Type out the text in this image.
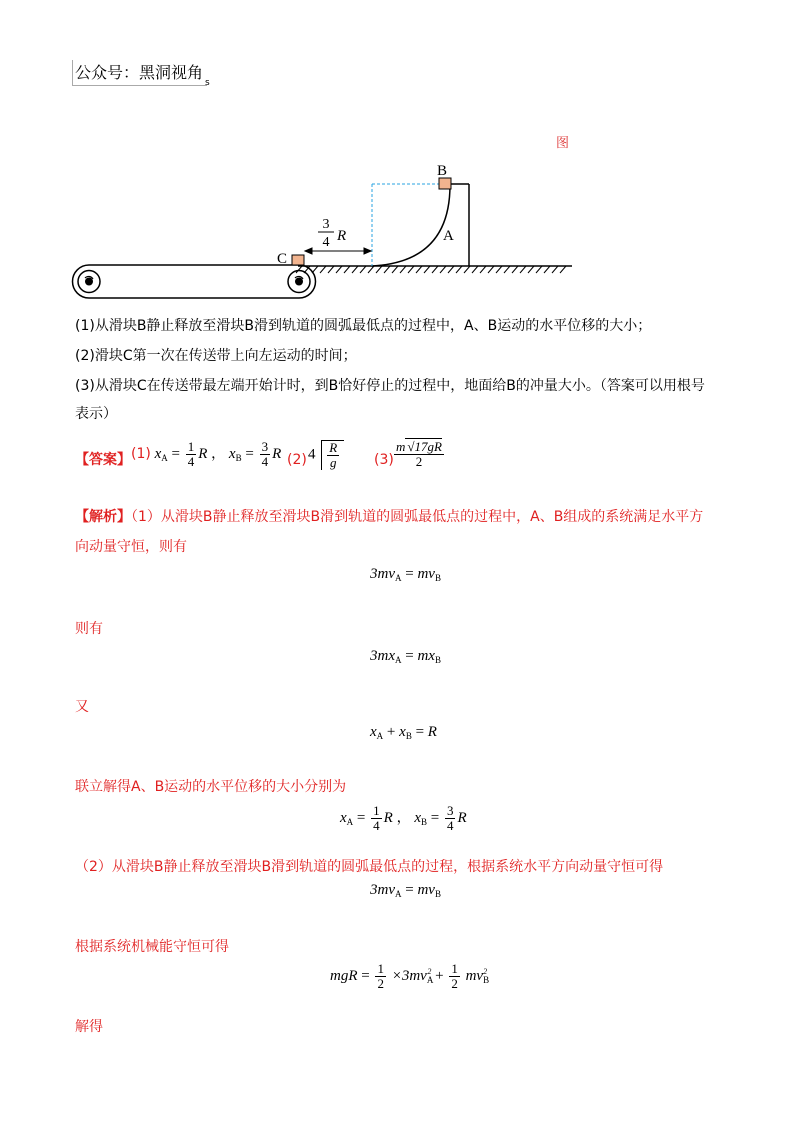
公众号：黑洞视角
s
图
3
4 R
B
A
C
(1)从滑块B静止释放至滑块B滑到轨道的圆弧最低点的过程中，A、B运动的水平位移的大小；
(2)滑块C第一次在传送带上向左运动的时间；
(3)从滑块C在传送带最左端开始计时，到B恰好停止的过程中，地面给B的冲量大小。（答案可以用根号
表示）
【答案】 (1) $x_A = \frac{1}{4}$ R ， $x_B = \frac{3}{4}$ R (2) $4 \frac{R}{g} (3) \frac{m √17gR}{2}$
【解析】（1）从滑块B静止释放至滑块B滑到轨道的圆弧最低点的过程中，A、B组成的系统满足水平方
向动量守恒，则有
$3mv_A = mv_B$
则有
$3mx_A = mx_B$
又
$x_A + x_B = R$
联立解得A、B运动的水平位移的大小分别为
$x_A = \frac{1}{4}$ R ， $x_B = \frac{3}{4}$ R
（2）从滑块B静止释放至滑块B滑到轨道的圆弧最低点的过程，根据系统水平方向动量守恒可得
$3mv_A = mv_B$
根据系统机械能守恒可得
mgR = $\frac{1}{2} \times 3mv_A^2 + \frac{1}{2} mv_B^2$
解得
